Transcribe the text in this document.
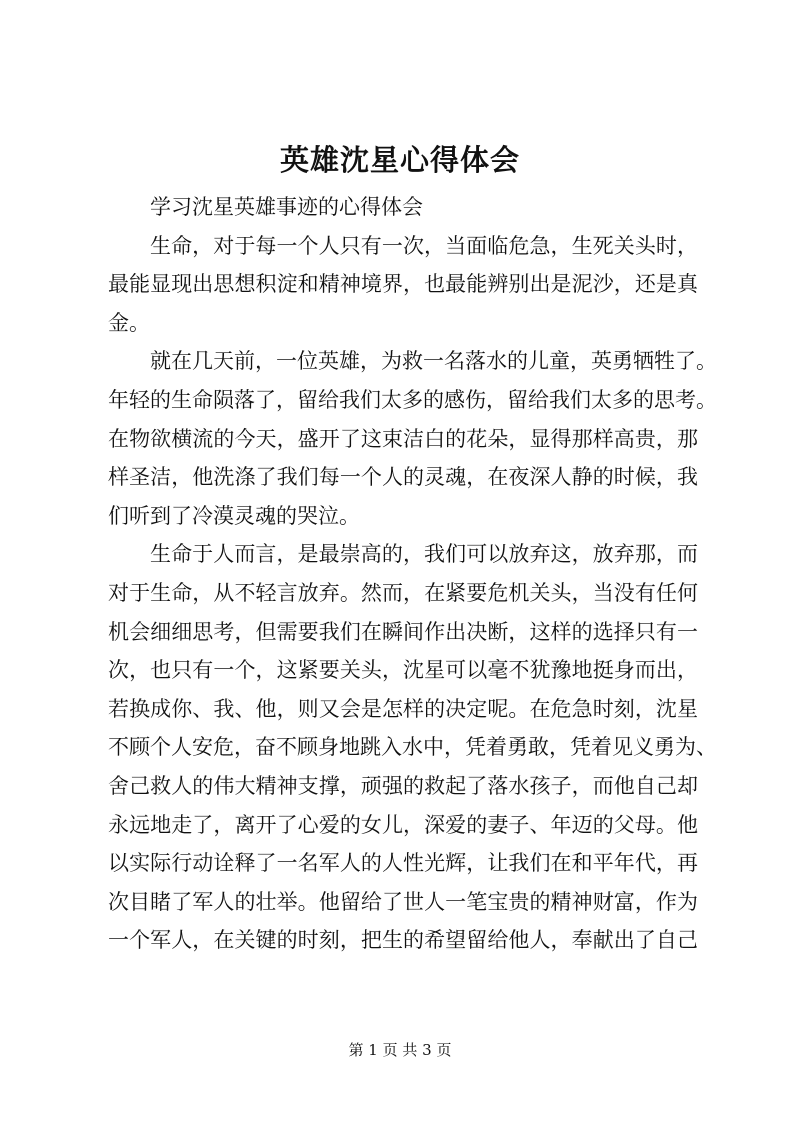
英雄沈星心得体会
学习沈星英雄事迹的心得体会
生命，对于每一个人只有一次，当面临危急，生死关头时，
最能显现出思想积淀和精神境界，也最能辨别出是泥沙，还是真
金。
就在几天前，一位英雄，为救一名落水的儿童，英勇牺牲了。
年轻的生命陨落了，留给我们太多的感伤，留给我们太多的思考。
在物欲横流的今天，盛开了这束洁白的花朵，显得那样高贵，那
样圣洁，他洗涤了我们每一个人的灵魂，在夜深人静的时候，我
们听到了冷漠灵魂的哭泣。
生命于人而言，是最崇高的，我们可以放弃这，放弃那，而
对于生命，从不轻言放弃。然而，在紧要危机关头，当没有任何
机会细细思考，但需要我们在瞬间作出决断，这样的选择只有一
次，也只有一个，这紧要关头，沈星可以毫不犹豫地挺身而出，
若换成你、我、他，则又会是怎样的决定呢。在危急时刻，沈星
不顾个人安危，奋不顾身地跳入水中，凭着勇敢，凭着见义勇为、
舍己救人的伟大精神支撑，顽强的救起了落水孩子，而他自己却
永远地走了，离开了心爱的女儿，深爱的妻子、年迈的父母。他
以实际行动诠释了一名军人的人性光辉，让我们在和平年代，再
次目睹了军人的壮举。他留给了世人一笔宝贵的精神财富，作为
一个军人，在关键的时刻，把生的希望留给他人，奉献出了自己
第 1 页 共 3 页
